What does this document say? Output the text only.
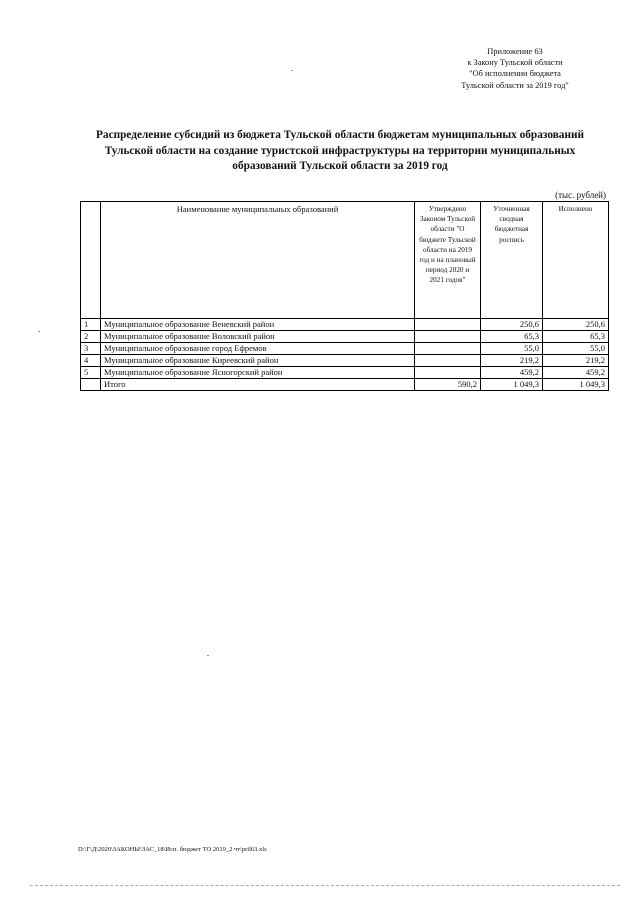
Приложение 63
к Закону Тульской области
"Об исполнении бюджета
Тульской области за 2019 год"
Распределение субсидий из бюджета Тульской области бюджетам муниципальных образований
Тульской области на создание туристской инфраструктуры на территории муниципальных
образований Тульской области за 2019 год
(тыс. рублей)
	Наименование муниципальных образований	Утверждено Законом Тульской области "О бюджете Тульской области на 2019 год и на плановый период 2020 и 2021 годов"	Уточненная сводная бюджетная роспись	Исполнено
1	Муниципальное образование Веневский район		250,6	250,6
2	Муниципальное образование Воловский район		65,3	65,3
3	Муниципальное образование город Ефремов		55,0	55,0
4	Муниципальное образование Киреевский район		219,2	219,2
5	Муниципальное образование Ясногорский район		459,2	459,2
	Итого	590,2	1 049,3	1 049,3
D:\Г\Д\2020\ЗАКОНЫ\ЗАС_18\Исп. бюджет ТО 2019_2 чт\pril63.xls
